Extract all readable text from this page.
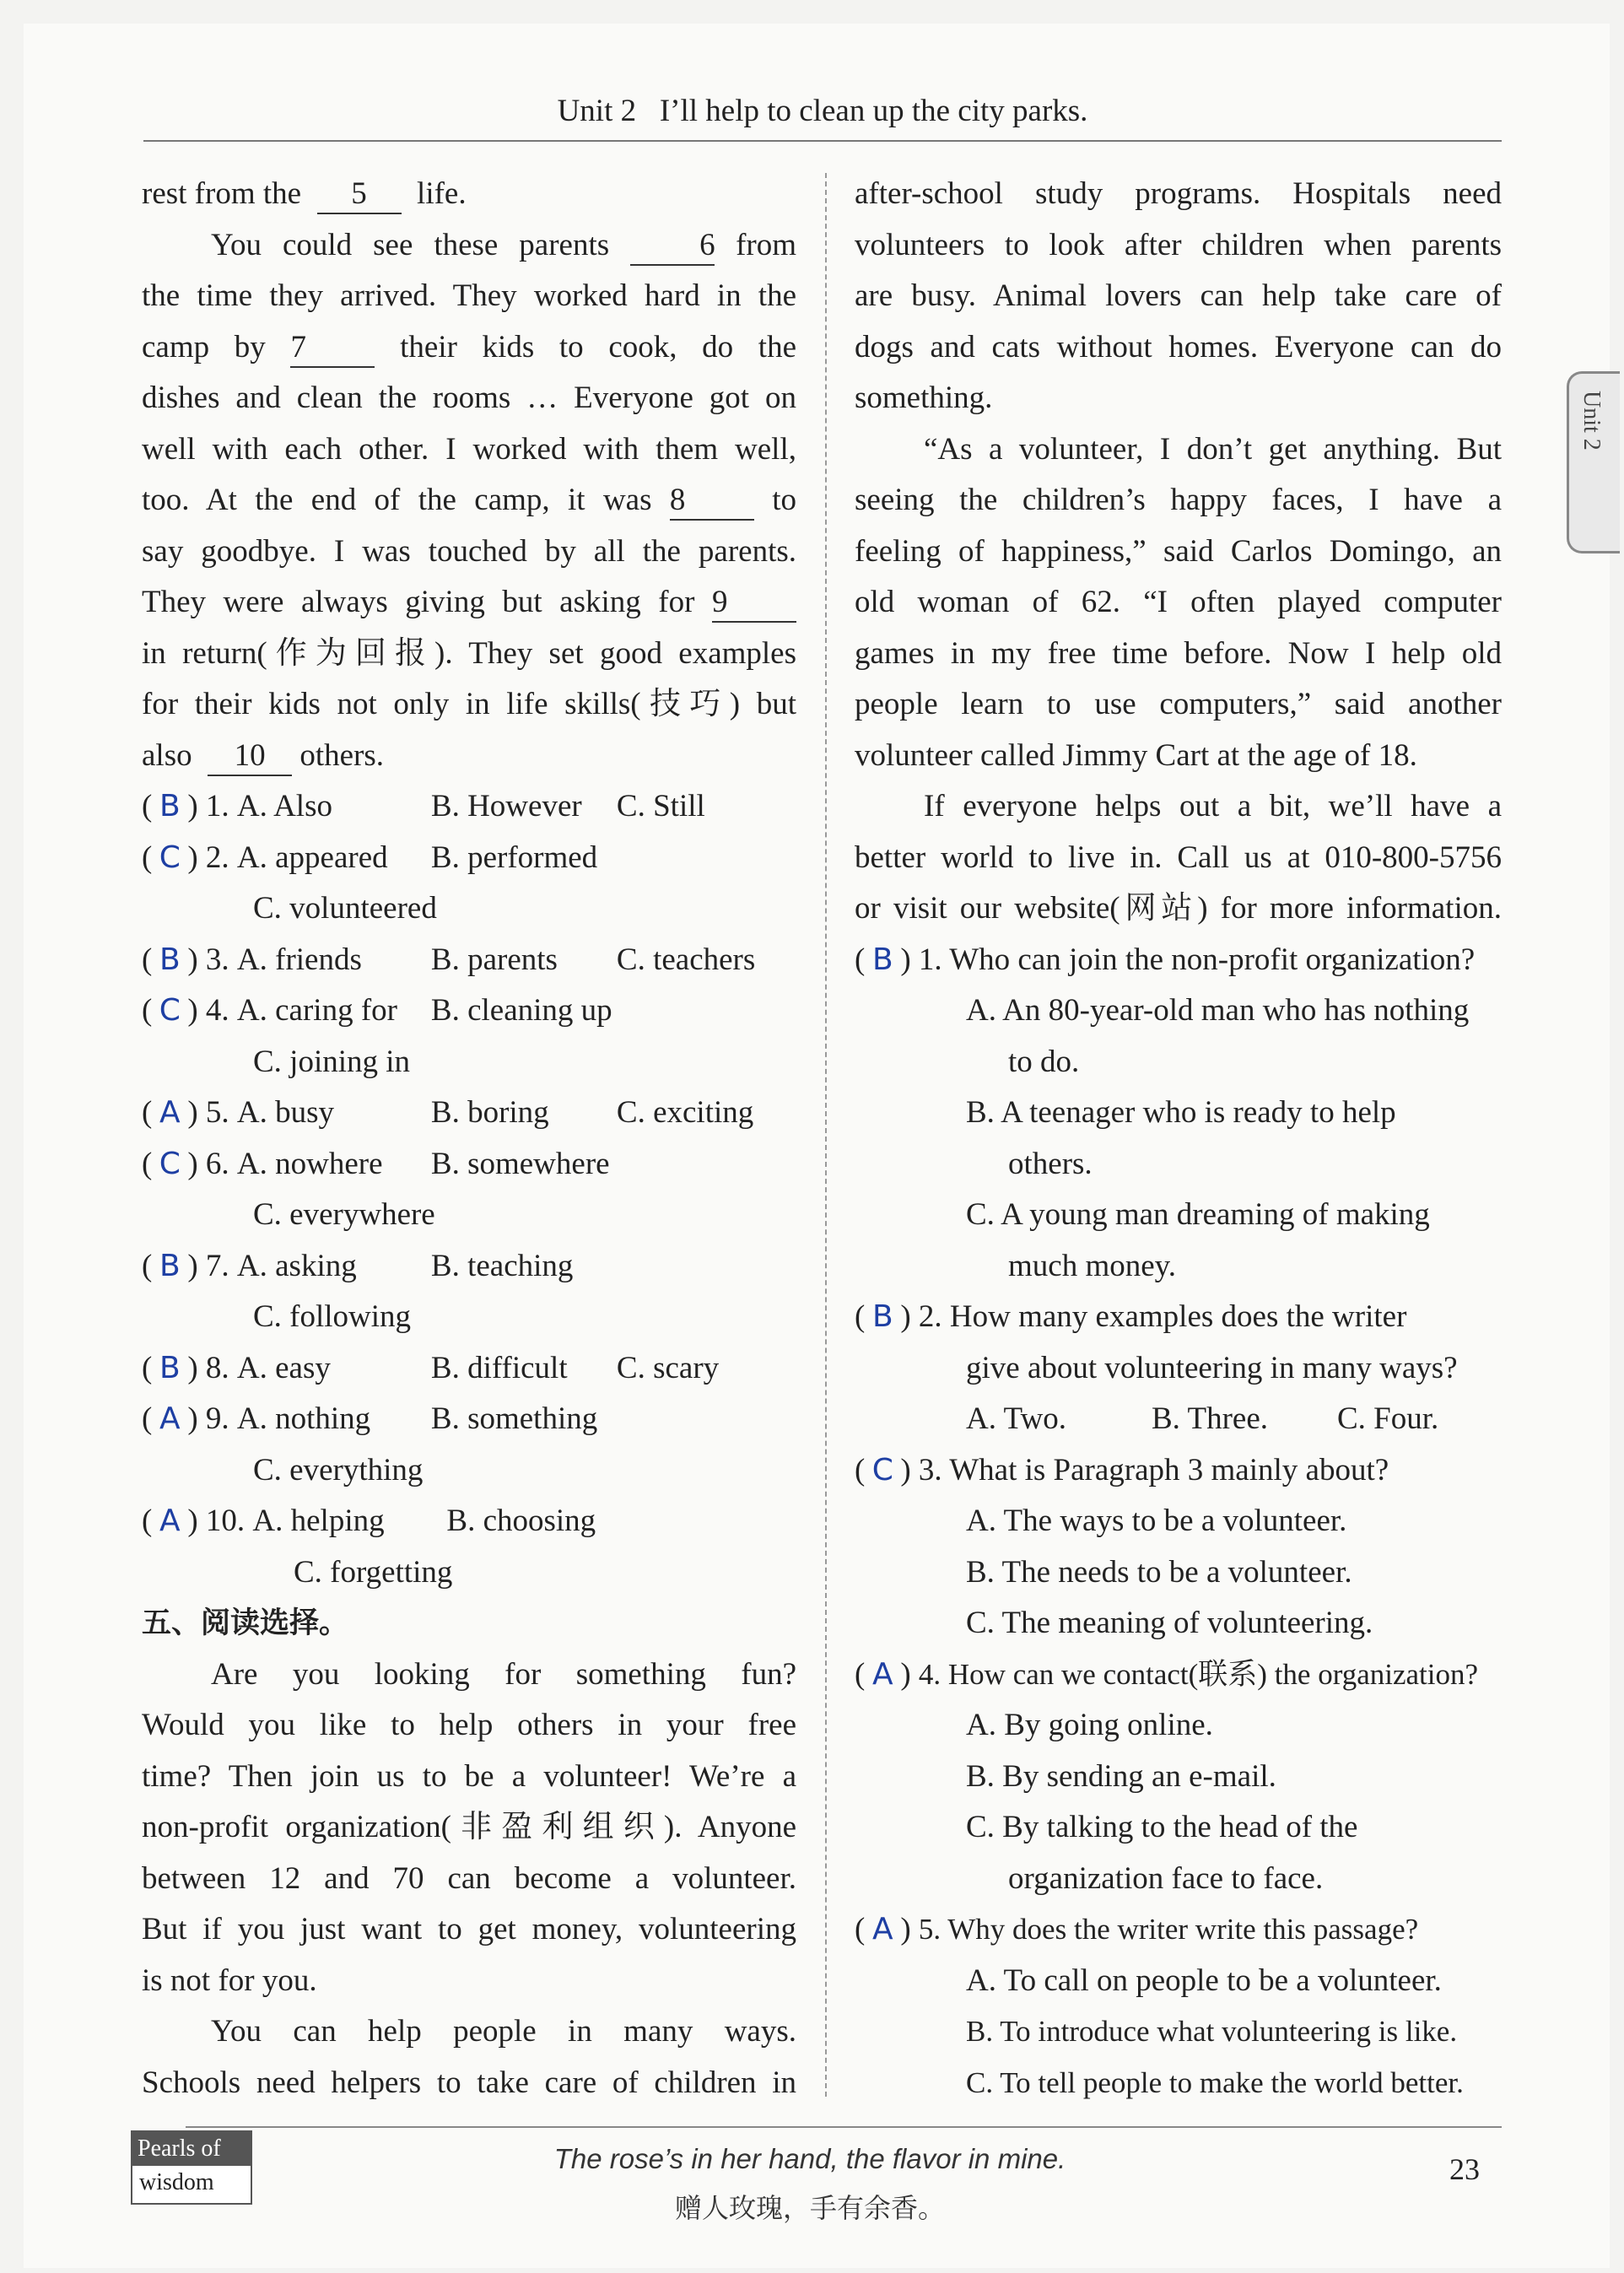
Unit 2 I’ll help to clean up the city parks.
Unit 2

rest from the 5 life.

You could see these parents	6 from

the time they arrived. They worked hard in the

camp by 7	their kids to cook, do the

dishes and clean the rooms … Everyone got on

well with each other. I worked with them well,

too. At the end of the camp, it was 8	to

say goodbye. I was touched by all the parents.

They were always giving but asking for 9

in return(作为回报). They set good examples

for their kids not only in life skills(技巧) but

also 10 others.

( B ) 1. A. Also	B. However C. Still

( C ) 2. A. appeared B. performed

C. volunteered

( B ) 3. A. friends B. parents C. teachers

( C ) 4. A. caring for B. cleaning up

C. joining in

( A ) 5. A. busy	B. boring C. exciting

( C ) 6. A. nowhere B. somewhere

C. everywhere

( B ) 7. A. asking B. teaching

C. following

( B ) 8. A. easy	B. difficult C. scary

( A ) 9. A. nothing B. something

C. everything

( A ) 10. A. helping B. choosing

C. forgetting

五、阅读选择。

Are you looking for something fun?

Would you like to help others in your free

time? Then join us to be a volunteer! We’re a

non-profit organization(非盈利组织). Anyone

between 12 and 70 can become a volunteer.

But if you just want to get money, volunteering

is not for you.

You can help people in many ways.

Schools need helpers to take care of children in

after-school study programs. Hospitals need

volunteers to look after children when parents

are busy. Animal lovers can help take care of

dogs and cats without homes. Everyone can do

something.

“As a volunteer, I don’t get anything. But

seeing the children’s happy faces, I have a

feeling of happiness,” said Carlos Domingo, an

old woman of 62. “I often played computer

games in my free time before. Now I help old

people learn to use computers,” said another

volunteer called Jimmy Cart at the age of 18.

If everyone helps out a bit, we’ll have a

better world to live in. Call us at 010-800-5756

or visit our website(网站) for more information.

( B ) 1. Who can join the non-profit organization?

A. An 80-year-old man who has nothing

to do.

B. A teenager who is ready to help

others.

C. A young man dreaming of making

much money.

( B ) 2. How many examples does the writer

give about volunteering in many ways?

A. Two.	B. Three. C. Four.

( C ) 3. What is Paragraph 3 mainly about?

A. The ways to be a volunteer.

B. The needs to be a volunteer.

C. The meaning of volunteering.

( A ) 4. How can we contact(联系) the organization?

A. By going online.

B. By sending an e-mail.

C. By talking to the head of the

organization face to face.

( A ) 5. Why does the writer write this passage?

A. To call on people to be a volunteer.

B. To introduce what volunteering is like.

C. To tell people to make the world better.

Pearls of
wisdom
The rose’s in her hand, the flavor in mine.
赠人玫瑰，手有余香。
23
